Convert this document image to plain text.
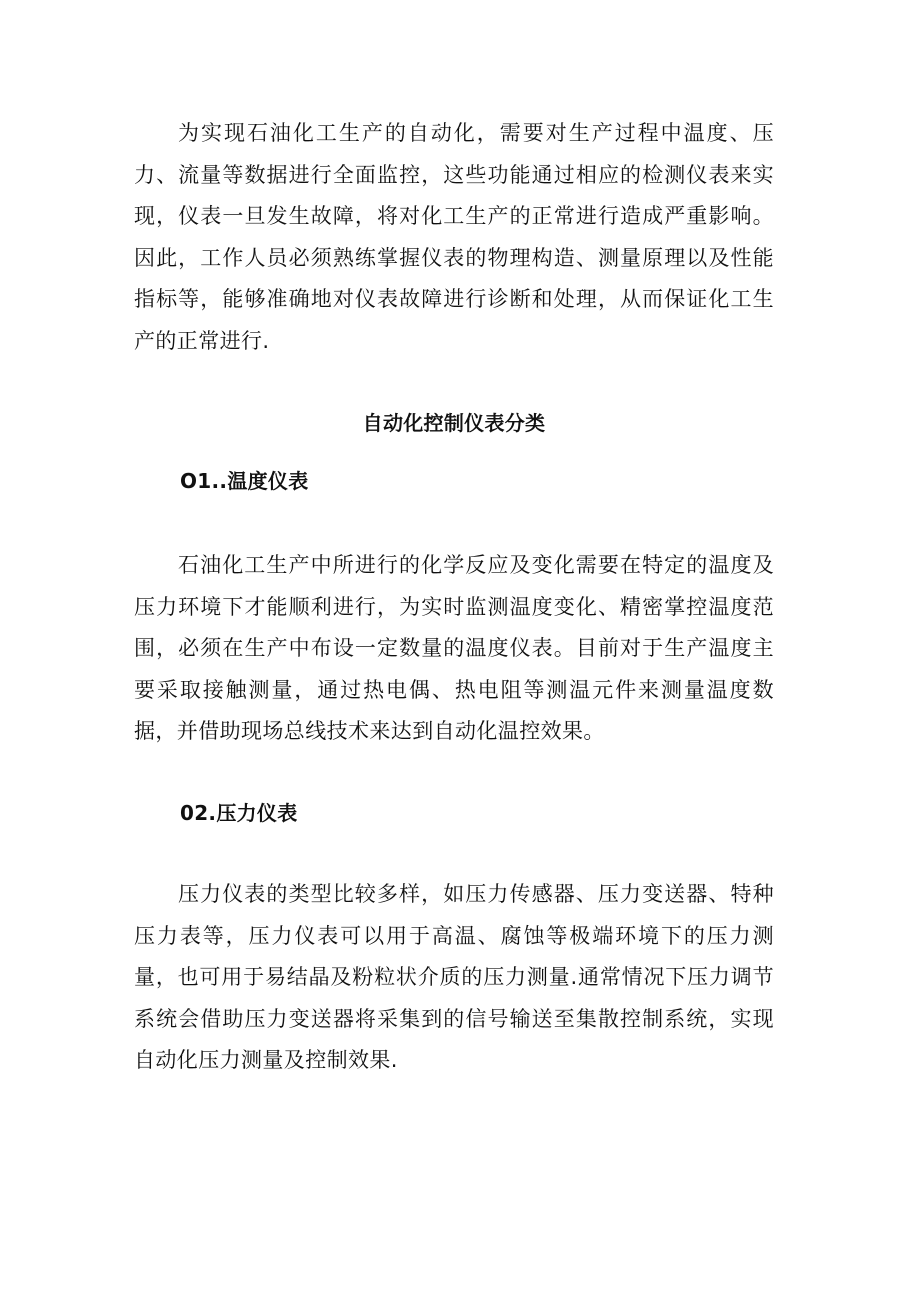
为实现石油化工生产的自动化，需要对生产过程中温度、压力、流量等数据进行全面监控，这些功能通过相应的检测仪表来实现，仪表一旦发生故障，将对化工生产的正常进行造成严重影响。因此，工作人员必须熟练掌握仪表的物理构造、测量原理以及性能指标等，能够准确地对仪表故障进行诊断和处理，从而保证化工生产的正常进行.

自动化控制仪表分类
O1..温度仪表

石油化工生产中所进行的化学反应及变化需要在特定的温度及压力环境下才能顺利进行，为实时监测温度变化、精密掌控温度范围，必须在生产中布设一定数量的温度仪表。目前对于生产温度主要采取接触测量，通过热电偶、热电阻等测温元件来测量温度数据，并借助现场总线技术来达到自动化温控效果。

02.压力仪表

压力仪表的类型比较多样，如压力传感器、压力变送器、特种压力表等，压力仪表可以用于高温、腐蚀等极端环境下的压力测量，也可用于易结晶及粉粒状介质的压力测量.通常情况下压力调节系统会借助压力变送器将采集到的信号输送至集散控制系统，实现自动化压力测量及控制效果.
